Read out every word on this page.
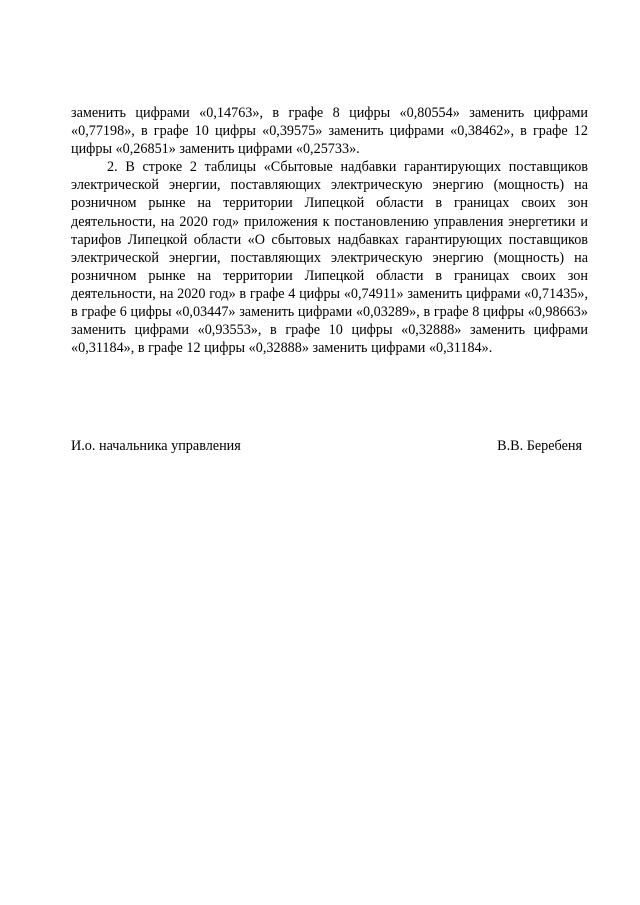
заменить цифрами «0,14763», в графе 8 цифры «0,80554» заменить цифрами «0,77198», в графе 10 цифры «0,39575» заменить цифрами «0,38462», в графе 12 цифры «0,26851» заменить цифрами «0,25733».

2. В строке 2 таблицы «Сбытовые надбавки гарантирующих поставщиков электрической энергии, поставляющих электрическую энергию (мощность) на розничном рынке на территории Липецкой области в границах своих зон деятельности, на 2020 год» приложения к постановлению управления энергетики и тарифов Липецкой области «О сбытовых надбавках гарантирующих поставщиков электрической энергии, поставляющих электрическую энергию (мощность) на розничном рынке на территории Липецкой области в границах своих зон деятельности, на 2020 год» в графе 4 цифры «0,74911» заменить цифрами «0,71435», в графе 6 цифры «0,03447» заменить цифрами «0,03289», в графе 8 цифры «0,98663» заменить цифрами «0,93553», в графе 10 цифры «0,32888» заменить цифрами «0,31184», в графе 12 цифры «0,32888» заменить цифрами «0,31184».

И.о. начальника управления	В.В. Беребеня
